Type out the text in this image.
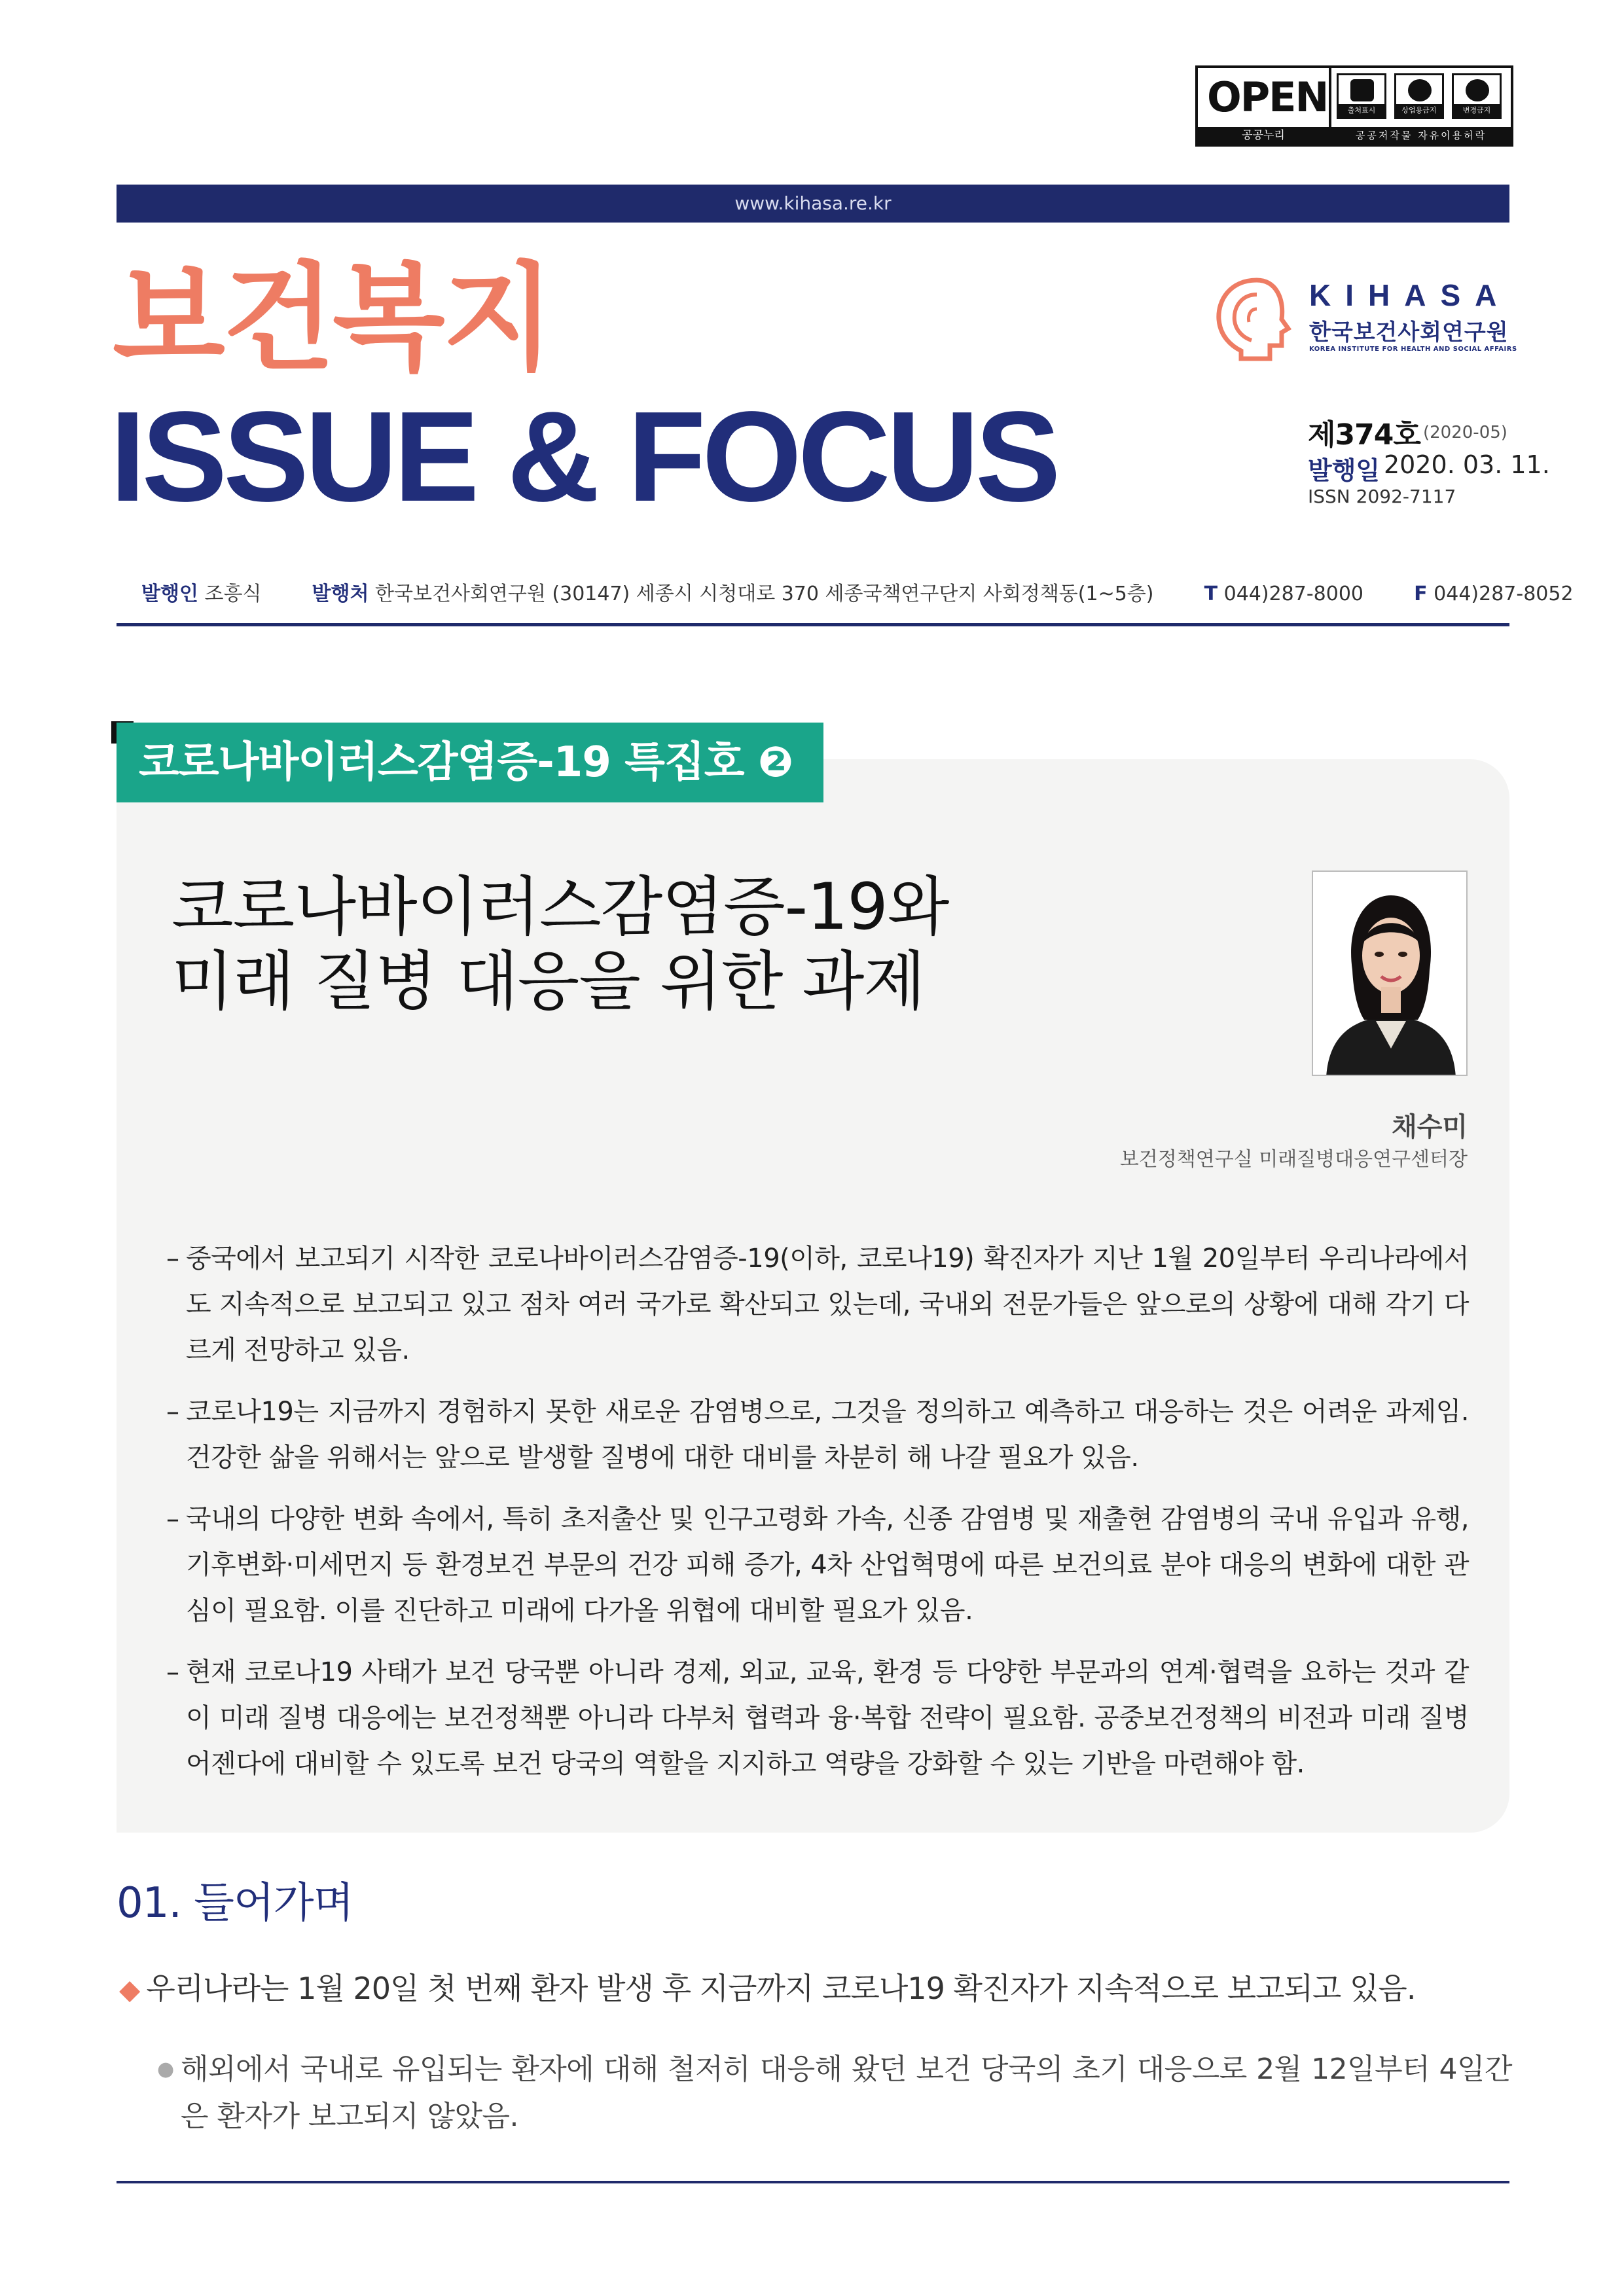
OPEN
공공누리
출처표시	상업용금지	변경금지
공공저작물 자유이용허락
www.kihasa.re.kr
보건복지
ISSUE & FOCUS
KIHASA
한국보건사회연구원
KOREA INSTITUTE FOR HEALTH AND SOCIAL AFFAIRS
제374호 (2020-05)
발행일 2020. 03. 11.
ISSN 2092-7117
발행인 조흥식	발행처 한국보건사회연구원 (30147) 세종시 시청대로 370 세종국책연구단지 사회정책동(1~5층)	T 044)287-8000	F 044)287-8052
코로나바이러스감염증-19 특집호 ❷
코로나바이러스감염증-19와
미래 질병 대응을 위한 과제
채수미
보건정책연구실 미래질병대응연구센터장
– 중국에서 보고되기 시작한 코로나바이러스감염증-19(이하, 코로나19) 확진자가 지난 1월 20일부터 우리나라에서도 지속적으로 보고되고 있고 점차 여러 국가로 확산되고 있는데, 국내외 전문가들은 앞으로의 상황에 대해 각기 다르게 전망하고 있음.
– 코로나19는 지금까지 경험하지 못한 새로운 감염병으로, 그것을 정의하고 예측하고 대응하는 것은 어려운 과제임. 건강한 삶을 위해서는 앞으로 발생할 질병에 대한 대비를 차분히 해 나갈 필요가 있음.
– 국내의 다양한 변화 속에서, 특히 초저출산 및 인구고령화 가속, 신종 감염병 및 재출현 감염병의 국내 유입과 유행, 기후변화·미세먼지 등 환경보건 부문의 건강 피해 증가, 4차 산업혁명에 따른 보건의료 분야 대응의 변화에 대한 관심이 필요함. 이를 진단하고 미래에 다가올 위협에 대비할 필요가 있음.
– 현재 코로나19 사태가 보건 당국뿐 아니라 경제, 외교, 교육, 환경 등 다양한 부문과의 연계·협력을 요하는 것과 같이 미래 질병 대응에는 보건정책뿐 아니라 다부처 협력과 융·복합 전략이 필요함. 공중보건정책의 비전과 미래 질병 어젠다에 대비할 수 있도록 보건 당국의 역할을 지지하고 역량을 강화할 수 있는 기반을 마련해야 함.
01. 들어가며
◆ 우리나라는 1월 20일 첫 번째 환자 발생 후 지금까지 코로나19 확진자가 지속적으로 보고되고 있음.
● 해외에서 국내로 유입되는 환자에 대해 철저히 대응해 왔던 보건 당국의 초기 대응으로 2월 12일부터 4일간은 환자가 보고되지 않았음.
